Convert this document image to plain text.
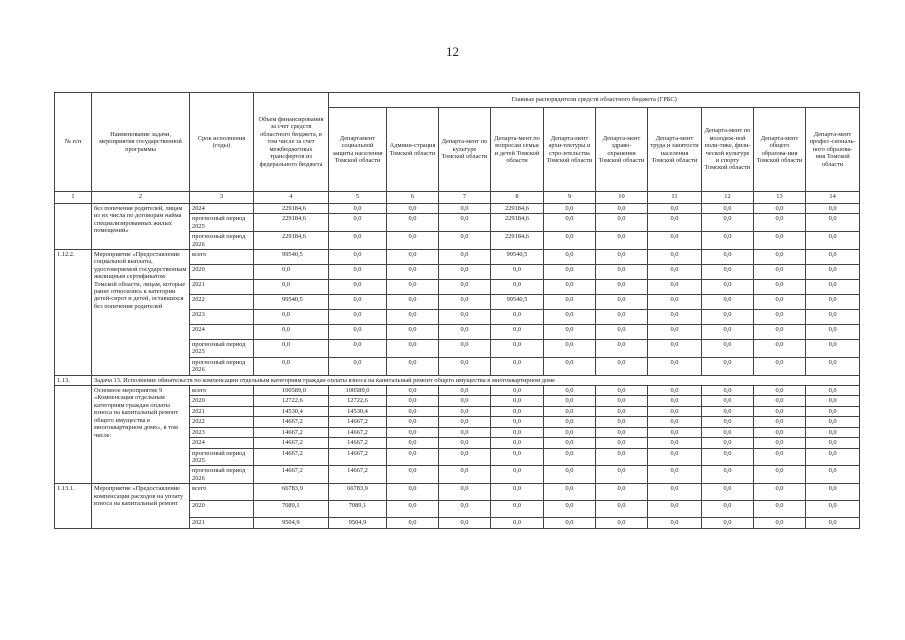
12
№ п/п	Наименование задачи, мероприятия государственной программы	Срок исполнения (годы)	Объем финансирования за счет средств областного бюджета, в том числе за счет межбюджетных трансфертов из федерального бюджета	Главные распорядители средств областного бюджета (ГРБС)									
				Департамент социальной защиты населения Томской области	Админи-страция Томской области	Департа-мент по культуре Томской области	Департа-мент по вопросам семьи и детей Томской области	Департа-мент архи-тектуры и стро-ительства Томской области	Департа-мент здраво-охранения Томской области	Департа-мент труда и занятости населения Томской области	Департа-мент по молодеж-ной поли-тике, физи-ческой культуре и спорту Томской области	Департа-мент общего образова-ния Томской области	Департа-мент профес-сиональ-ного образова-ния Томской области
1	2	3	4	5	6	7	8	9	10	11	12	13	14
	без попечения родителей, лицам из их числа по договорам найма специализированных жилых помещений»	2024	229184,6	0,0	0,0	0,0	229184,6	0,0	0,0	0,0	0,0	0,0	0,0
		прогнозный период 2025	229184,6	0,0	0,0	0,0	229184,6	0,0	0,0	0,0	0,0	0,0	0,0
		прогнозный период 2026	229184,6	0,0	0,0	0,0	229184,6	0,0	0,0	0,0	0,0	0,0	0,0
1.12.2.	Мероприятие «Предоставление социальной выплаты, удостоверяемой государственным жилищным сертификатом Томской области, лицам, которые ранее относились к категории детей-сирот и детей, оставшихся без попечения родителей	всего	99540,5	0,0	0,0	0,0	99540,5	0,0	0,0	0,0	0,0	0,0	0,0
		2020	0,0	0,0	0,0	0,0	0,0	0,0	0,0	0,0	0,0	0,0	0,0
		2021	0,0	0,0	0,0	0,0	0,0	0,0	0,0	0,0	0,0	0,0	0,0
		2022	99540,5	0,0	0,0	0,0	99540,5	0,0	0,0	0,0	0,0	0,0	0,0
		2023	0,0	0,0	0,0	0,0	0,0	0,0	0,0	0,0	0,0	0,0	0,0
		2024	0,0	0,0	0,0	0,0	0,0	0,0	0,0	0,0	0,0	0,0	0,0
		прогнозный период 2025	0,0	0,0	0,0	0,0	0,0	0,0	0,0	0,0	0,0	0,0	0,0
		прогнозный период 2026	0,0	0,0	0,0	0,0	0,0	0,0	0,0	0,0	0,0	0,0	0,0
1.13.	Задача 13. Исполнение обязательств по компенсации отдельным категориям граждан оплаты взноса на капитальный ремонт общего имущества в многоквартирном доме												
	Основное мероприятие 9 «Компенсация отдельным категориям граждан оплаты взноса на капитальный ремонт общего имущества в многоквартирном доме», в том числе:	всего	100589,0	100589,0	0,0	0,0	0,0	0,0	0,0	0,0	0,0	0,0	0,0
		2020	12722,6	12722,6	0,0	0,0	0,0	0,0	0,0	0,0	0,0	0,0	0,0
		2021	14530,4	14530,4	0,0	0,0	0,0	0,0	0,0	0,0	0,0	0,0	0,0
		2022	14667,2	14667,2	0,0	0,0	0,0	0,0	0,0	0,0	0,0	0,0	0,0
		2023	14667,2	14667,2	0,0	0,0	0,0	0,0	0,0	0,0	0,0	0,0	0,0
		2024	14667,2	14667,2	0,0	0,0	0,0	0,0	0,0	0,0	0,0	0,0	0,0
		прогнозный период 2025	14667,2	14667,2	0,0	0,0	0,0	0,0	0,0	0,0	0,0	0,0	0,0
		прогнозный период 2026	14667,2	14667,2	0,0	0,0	0,0	0,0	0,0	0,0	0,0	0,0	0,0
1.13.1.	Мероприятие «Предоставление компенсации расходов на уплату взноса на капитальный ремонт	всего	66783,9	66783,9	0,0	0,0	0,0	0,0	0,0	0,0	0,0	0,0	0,0
		2020	7089,1	7089,1	0,0	0,0	0,0	0,0	0,0	0,0	0,0	0,0	0,0
		2021	9504,9	9504,9	0,0	0,0	0,0	0,0	0,0	0,0	0,0	0,0	0,0
